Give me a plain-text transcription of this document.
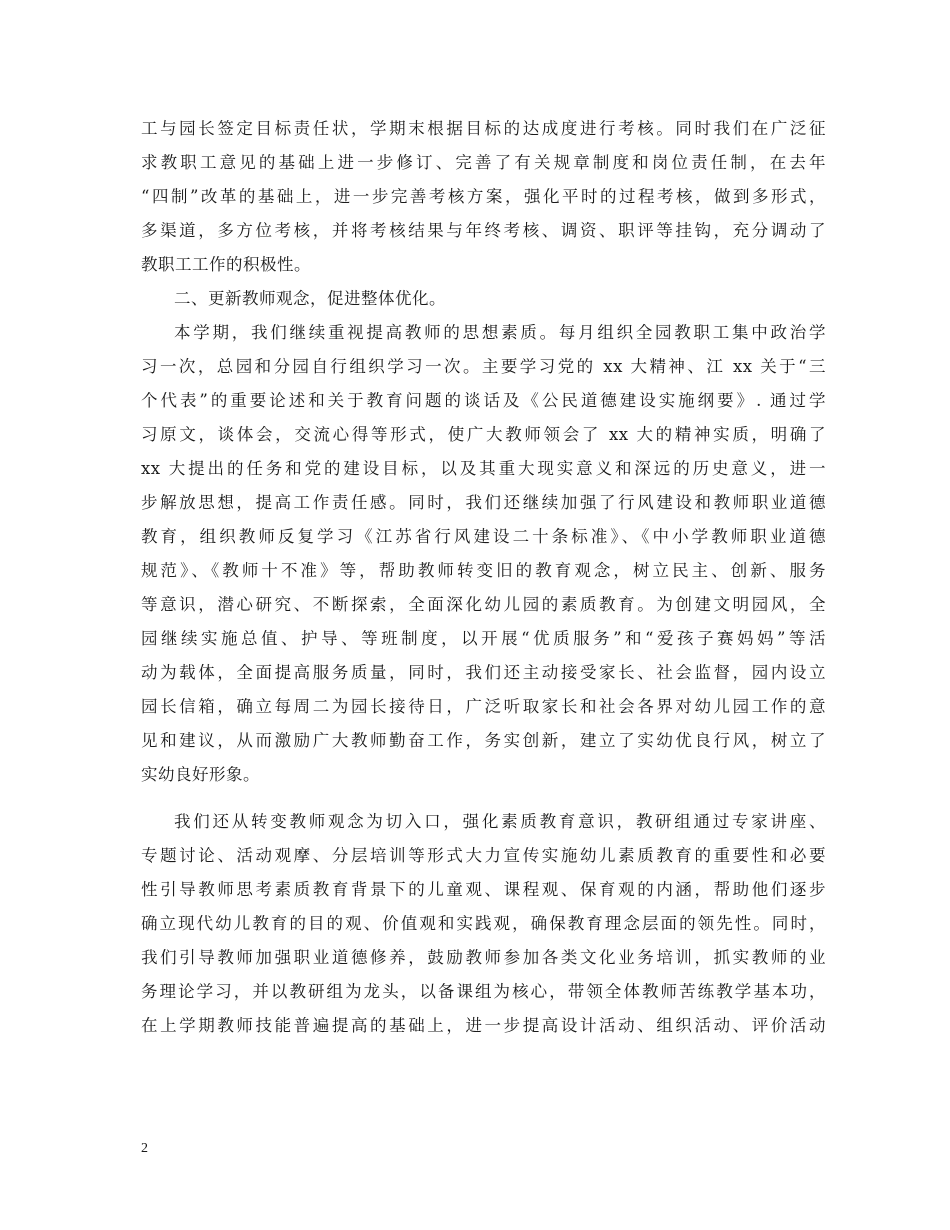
工与园长签定目标责任状，学期末根据目标的达成度进行考核。同时我们在广泛征
求教职工意见的基础上进一步修订、完善了有关规章制度和岗位责任制，在去年
“四制”改革的基础上，进一步完善考核方案，强化平时的过程考核，做到多形式，
多渠道，多方位考核，并将考核结果与年终考核、调资、职评等挂钩，充分调动了
教职工工作的积极性。
二、更新教师观念，促进整体优化。
本学期，我们继续重视提高教师的思想素质。每月组织全园教职工集中政治学
习一次，总园和分园自行组织学习一次。主要学习党的 xx 大精神、江 xx 关于“三
个代表”的重要论述和关于教育问题的谈话及《公民道德建设实施纲要》. 通过学
习原文，谈体会，交流心得等形式，使广大教师领会了 xx 大的精神实质，明确了
xx 大提出的任务和党的建设目标，以及其重大现实意义和深远的历史意义，进一
步解放思想，提高工作责任感。同时，我们还继续加强了行风建设和教师职业道德
教育，组织教师反复学习《江苏省行风建设二十条标准》、《中小学教师职业道德
规范》、《教师十不准》等，帮助教师转变旧的教育观念，树立民主、创新、服务
等意识，潜心研究、不断探索，全面深化幼儿园的素质教育。为创建文明园风，全
园继续实施总值、护导、等班制度，以开展“优质服务”和“爱孩子赛妈妈”等活
动为载体，全面提高服务质量，同时，我们还主动接受家长、社会监督，园内设立
园长信箱，确立每周二为园长接待日，广泛听取家长和社会各界对幼儿园工作的意
见和建议，从而激励广大教师勤奋工作，务实创新，建立了实幼优良行风，树立了
实幼良好形象。
我们还从转变教师观念为切入口，强化素质教育意识，教研组通过专家讲座、
专题讨论、活动观摩、分层培训等形式大力宣传实施幼儿素质教育的重要性和必要
性引导教师思考素质教育背景下的儿童观、课程观、保育观的内涵，帮助他们逐步
确立现代幼儿教育的目的观、价值观和实践观，确保教育理念层面的领先性。同时，
我们引导教师加强职业道德修养，鼓励教师参加各类文化业务培训，抓实教师的业
务理论学习，并以教研组为龙头，以备课组为核心，带领全体教师苦练教学基本功，
在上学期教师技能普遍提高的基础上，进一步提高设计活动、组织活动、评价活动
2
